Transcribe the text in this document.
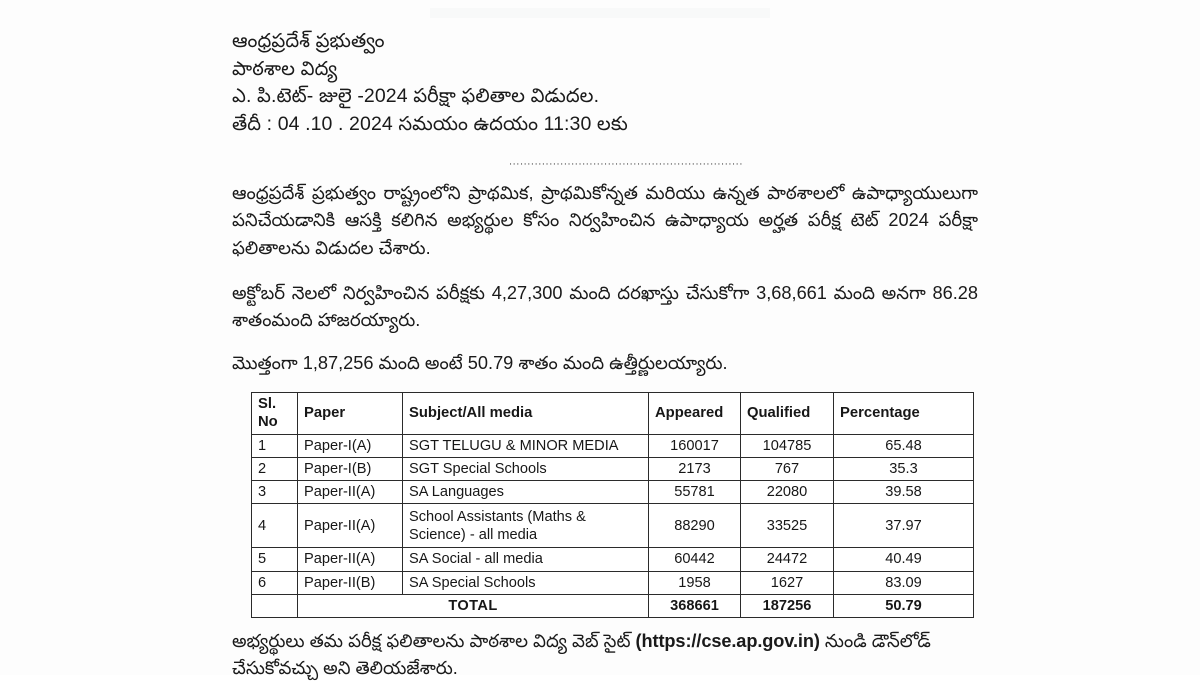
ఆంధ్రప్రదేశ్ ప్రభుత్వం
పాఠశాల విద్య
ఎ. పి.టెట్- జులై -2024 పరీక్షా ఫలితాల విడుదల.
తేదీ : 04 .10 . 2024 సమయం ఉదయం 11:30 లకు
................................................................
ఆంధ్రప్రదేశ్ ప్రభుత్వం రాష్ట్రంలోని ప్రాథమిక, ప్రాథమికోన్నత మరియు ఉన్నత పాఠశాలలో ఉపాధ్యాయులుగా పనిచేయడానికి ఆసక్తి కలిగిన అభ్యర్థుల కోసం నిర్వహించిన ఉపాధ్యాయ అర్హత పరీక్ష టెట్ 2024 పరీక్షా ఫలితాలను విడుదల చేశారు.
అక్టోబర్ నెలలో నిర్వహించిన పరీక్షకు 4,27,300 మంది దరఖాస్తు చేసుకోగా 3,68,661 మంది అనగా 86.28 శాతంమంది హాజరయ్యారు.
మొత్తంగా 1,87,256 మంది అంటే 50.79 శాతం మంది ఉత్తీర్ణులయ్యారు.
Sl.
No	Paper	Subject/All media	Appeared	Qualified	Percentage
1	Paper-I(A)	SGT TELUGU & MINOR MEDIA	160017	104785	65.48
2	Paper-I(B)	SGT Special Schools	2173	767	35.3
3	Paper-II(A)	SA Languages	55781	22080	39.58
4	Paper-II(A)	School Assistants (Maths & Science) - all media	88290	33525	37.97
5	Paper-II(A)	SA Social - all media	60442	24472	40.49
6	Paper-II(B)	SA Special Schools	1958	1627	83.09
	TOTAL		368661	187256	50.79
అభ్యర్థులు తమ పరీక్ష ఫలితాలను పాఠశాల విద్య వెబ్ సైట్ (https://cse.ap.gov.in) నుండి డౌన్‌లోడ్ చేసుకోవచ్చు అని తెలియజేశారు.
